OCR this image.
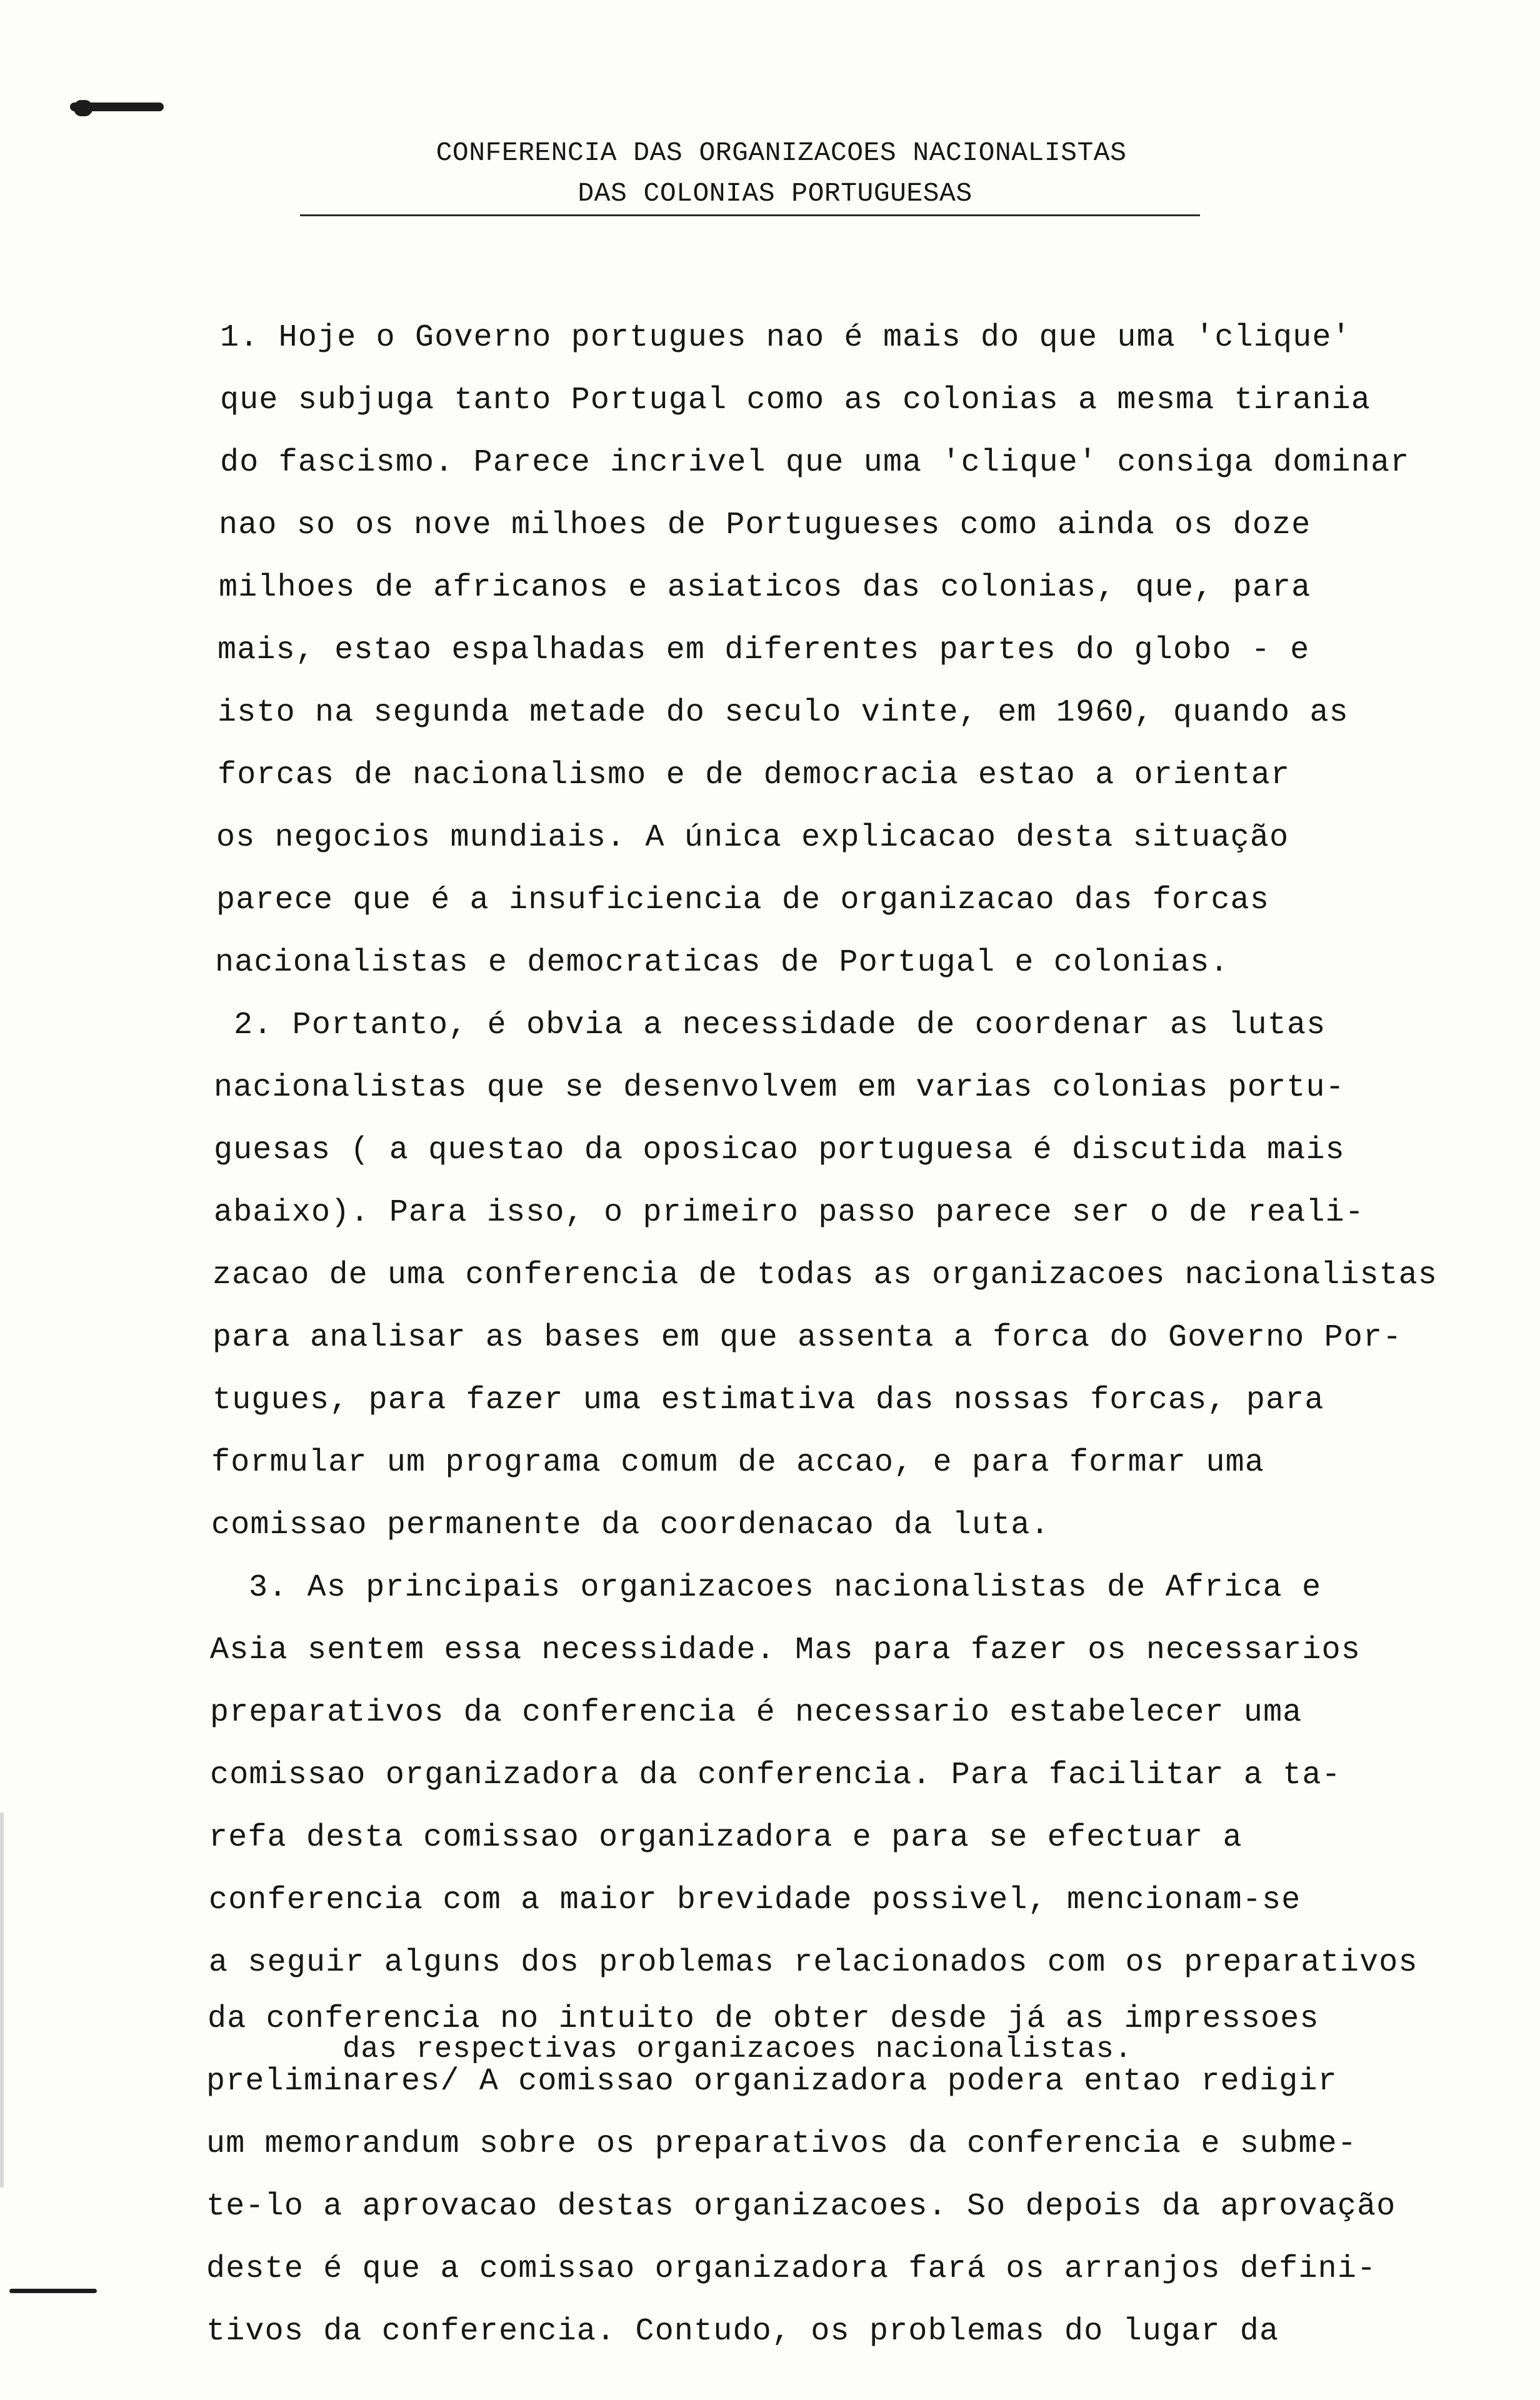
CONFERENCIA DAS ORGANIZACOES NACIONALISTAS
DAS COLONIAS PORTUGUESAS
1. Hoje o Governo portugues nao é mais do que uma 'clique'
que subjuga tanto Portugal como as colonias a mesma tirania
do fascismo. Parece incrivel que uma 'clique' consiga dominar
nao so os nove milhoes de Portugueses como ainda os doze
milhoes de africanos e asiaticos das colonias, que, para
mais, estao espalhadas em diferentes partes do globo - e
isto na segunda metade do seculo vinte, em 1960, quando as
forcas de nacionalismo e de democracia estao a orientar
os negocios mundiais. A única explicacao desta situação
parece que é a insuficiencia de organizacao das forcas
nacionalistas e democraticas de Portugal e colonias.
2. Portanto, é obvia a necessidade de coordenar as lutas
nacionalistas que se desenvolvem em varias colonias portu-
guesas ( a questao da oposicao portuguesa é discutida mais
abaixo). Para isso, o primeiro passo parece ser o de reali-
zacao de uma conferencia de todas as organizacoes nacionalistas
para analisar as bases em que assenta a forca do Governo Por-
tugues, para fazer uma estimativa das nossas forcas, para
formular um programa comum de accao, e para formar uma
comissao permanente da coordenacao da luta.
3. As principais organizacoes nacionalistas de Africa e
Asia sentem essa necessidade. Mas para fazer os necessarios
preparativos da conferencia é necessario estabelecer uma
comissao organizadora da conferencia. Para facilitar a ta-
refa desta comissao organizadora e para se efectuar a
conferencia com a maior brevidade possivel, mencionam-se
a seguir alguns dos problemas relacionados com os preparativos
da conferencia no intuito de obter desde já as impressoes
das respectivas organizacoes nacionalistas.
preliminares/ A comissao organizadora podera entao redigir
um memorandum sobre os preparativos da conferencia e subme-
te-lo a aprovacao destas organizacoes. So depois da aprovação
deste é que a comissao organizadora fará os arranjos defini-
tivos da conferencia. Contudo, os problemas do lugar da
